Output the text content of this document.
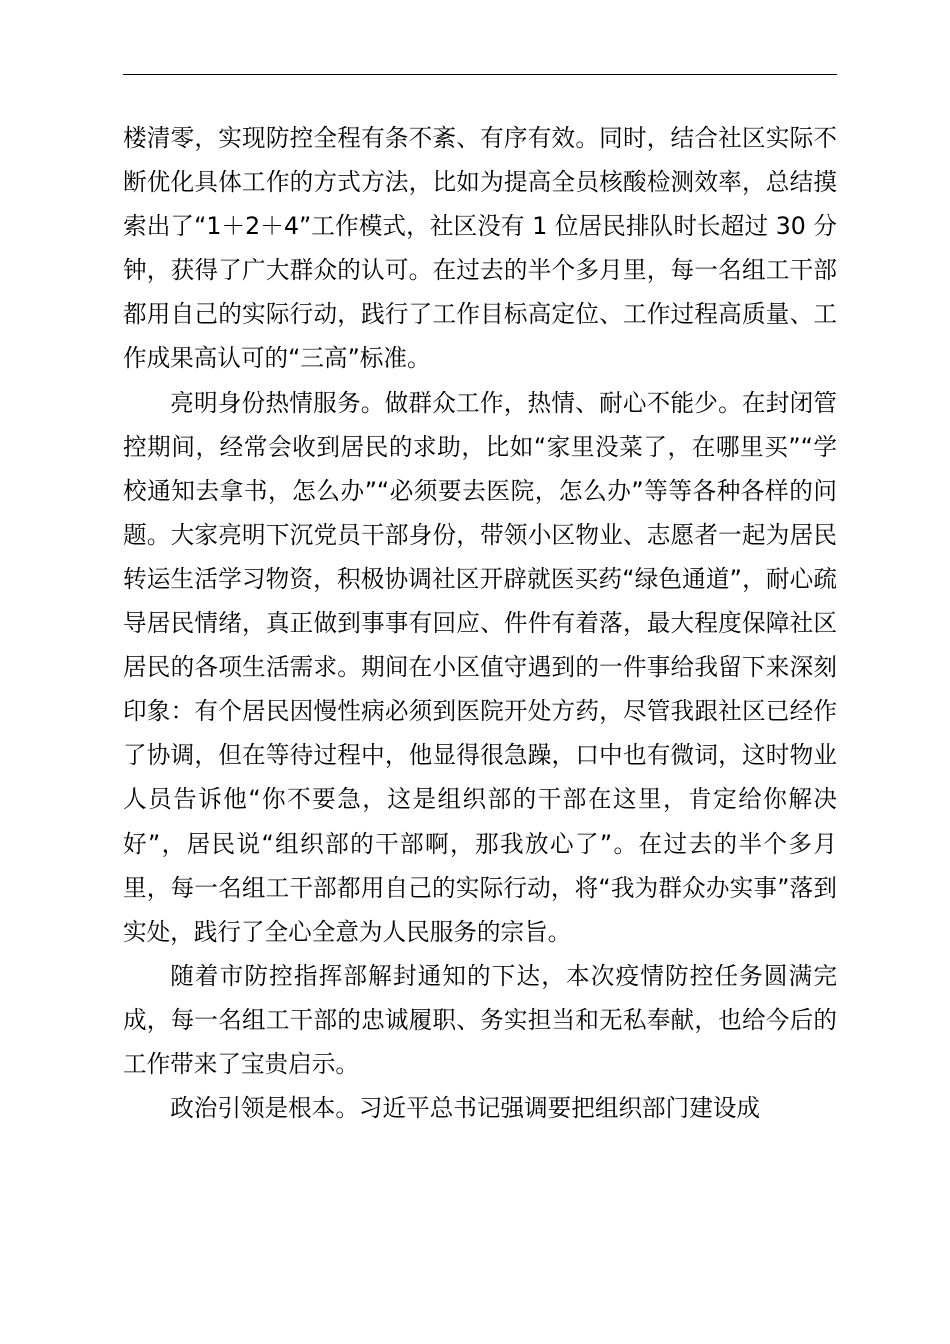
楼清零，实现防控全程有条不紊、有序有效。同时，结合社区实际不断优化具体工作的方式方法，比如为提高全员核酸检测效率，总结摸索出了“1＋2＋4”工作模式，社区没有 1 位居民排队时长超过 30 分钟，获得了广大群众的认可。在过去的半个多月里，每一名组工干部都用自己的实际行动，践行了工作目标高定位、工作过程高质量、工作成果高认可的“三高”标准。

亮明身份热情服务。做群众工作，热情、耐心不能少。在封闭管控期间，经常会收到居民的求助，比如“家里没菜了，在哪里买”“学校通知去拿书，怎么办”“必须要去医院，怎么办”等等各种各样的问题。大家亮明下沉党员干部身份，带领小区物业、志愿者一起为居民转运生活学习物资，积极协调社区开辟就医买药“绿色通道”，耐心疏导居民情绪，真正做到事事有回应、件件有着落，最大程度保障社区居民的各项生活需求。期间在小区值守遇到的一件事给我留下来深刻印象：有个居民因慢性病必须到医院开处方药，尽管我跟社区已经作了协调，但在等待过程中，他显得很急躁，口中也有微词，这时物业人员告诉他“你不要急，这是组织部的干部在这里，肯定给你解决好”，居民说“组织部的干部啊，那我放心了”。在过去的半个多月里，每一名组工干部都用自己的实际行动，将“我为群众办实事”落到实处，践行了全心全意为人民服务的宗旨。

随着市防控指挥部解封通知的下达，本次疫情防控任务圆满完成，每一名组工干部的忠诚履职、务实担当和无私奉献，也给今后的工作带来了宝贵启示。

政治引领是根本。习近平总书记强调要把组织部门建设成
